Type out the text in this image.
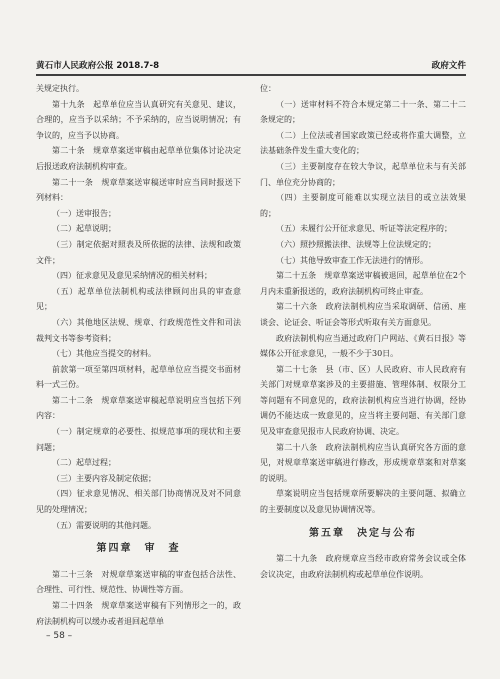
黄石市人民政府公报 2018.7-8	政府文件

关规定执行。

第十九条　起草单位应当认真研究有关意见、建议，合理的，应当予以采纳；不予采纳的，应当说明情况；有争议的，应当予以协商。

第二十条　规章草案送审稿由起草单位集体讨论决定后报送政府法制机构审查。

第二十一条　规章草案送审稿送审时应当同时报送下列材料：

（一）送审报告；

（二）起草说明；

（三）制定依据对照表及所依据的法律、法规和政策文件；

（四）征求意见及意见采纳情况的相关材料；

（五）起草单位法制机构或法律顾问出具的审查意见；

（六）其他地区法规、规章、行政规范性文件和司法裁判文书等参考资料；

（七）其他应当提交的材料。

前款第一项至第四项材料，起草单位应当提交书面材料一式三份。

第二十二条　规章草案送审稿起草说明应当包括下列内容：

（一）制定规章的必要性、拟规范事项的现状和主要问题；

（二）起草过程；

（三）主要内容及制定依据；

（四）征求意见情况、相关部门协商情况及对不同意见的处理情况；

（五）需要说明的其他问题。

第四章　审　查

第二十三条　对规章草案送审稿的审查包括合法性、合理性、可行性、规范性、协调性等方面。

第二十四条　规章草案送审稿有下列情形之一的，政府法制机构可以缓办或者退回起草单

位：

（一）送审材料不符合本规定第二十一条、第二十二条规定的；

（二）上位法或者国家政策已经或将作重大调整，立法基础条件发生重大变化的；

（三）主要制度存在较大争议，起草单位未与有关部门、单位充分协商的；

（四）主要制度可能难以实现立法目的或立法效果的；

（五）未履行公开征求意见、听证等法定程序的；

（六）照抄照搬法律、法规等上位法规定的；

（七）其他导致审查工作无法进行的情形。

第二十五条　规章草案送审稿被退回，起草单位在2个月内未重新报送的，政府法制机构可终止审查。

第二十六条　政府法制机构应当采取调研、信函、座谈会、论证会、听证会等形式听取有关方面意见。

政府法制机构应当通过政府门户网站、《黄石日报》等媒体公开征求意见，一般不少于30日。

第二十七条　县（市、区）人民政府、市人民政府有关部门对规章草案涉及的主要措施、管理体制、权限分工等问题有不同意见的，政府法制机构应当进行协调，经协调仍不能达成一致意见的，应当将主要问题、有关部门意见及审查意见报市人民政府协调、决定。

第二十八条　政府法制机构应当认真研究各方面的意见，对规章草案送审稿进行修改，形成规章草案和对草案的说明。

草案说明应当包括规章所要解决的主要问题、拟确立的主要制度以及意见协调情况等。

第五章　决定与公布

第二十九条　政府规章应当经市政府常务会议或全体会议决定，由政府法制机构或起草单位作说明。

– 58 –
